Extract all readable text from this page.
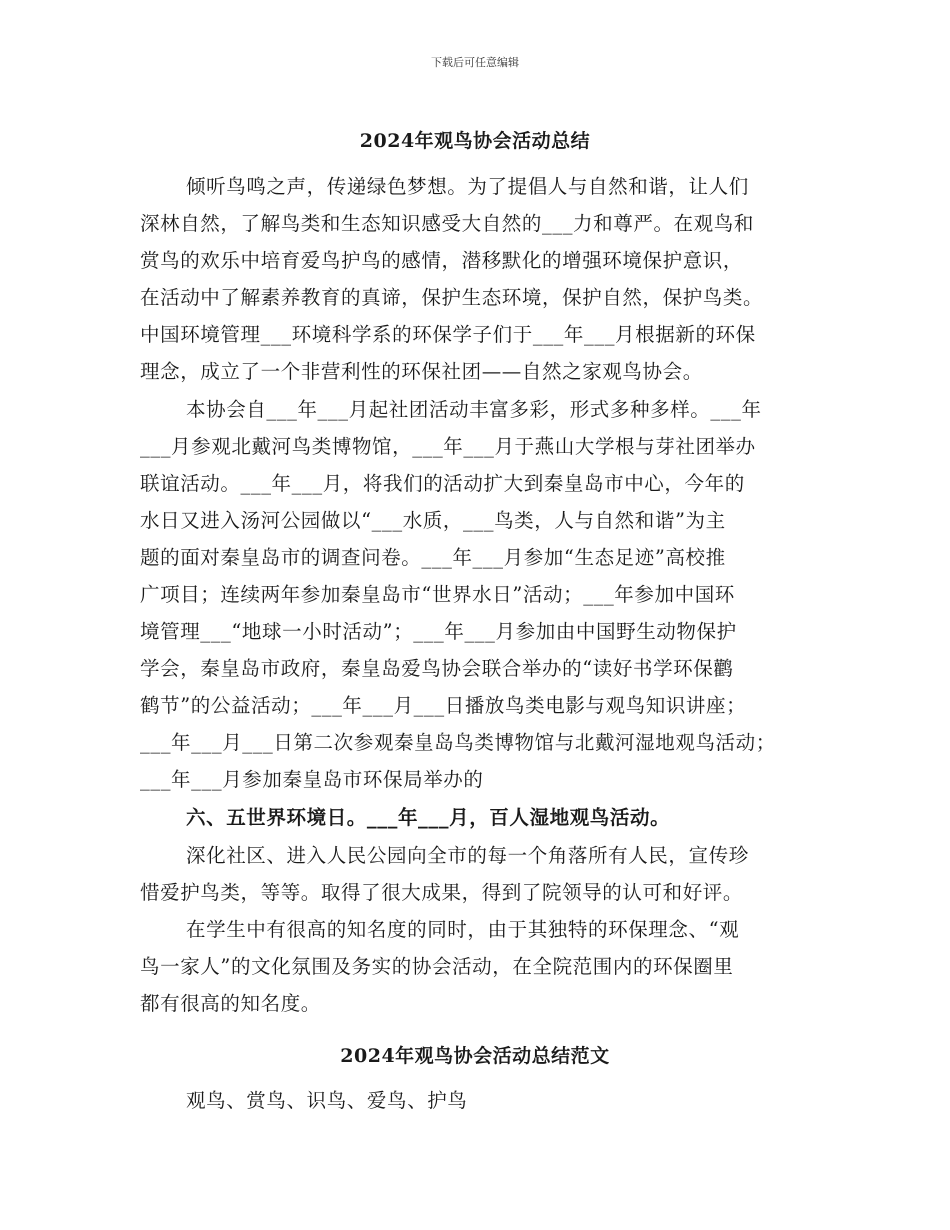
下载后可任意编辑
2024年观鸟协会活动总结
倾听鸟鸣之声，传递绿色梦想。为了提倡人与自然和谐，让人们
深林自然，了解鸟类和生态知识感受大自然的___力和尊严。在观鸟和
赏鸟的欢乐中培育爱鸟护鸟的感情，潜移默化的增强环境保护意识，
在活动中了解素养教育的真谛，保护生态环境，保护自然，保护鸟类。
中国环境管理___环境科学系的环保学子们于___年___月根据新的环保
理念，成立了一个非营利性的环保社团——自然之家观鸟协会。
本协会自___年___月起社团活动丰富多彩，形式多种多样。___年
___月参观北戴河鸟类博物馆，___年___月于燕山大学根与芽社团举办
联谊活动。___年___月，将我们的活动扩大到秦皇岛市中心，今年的
水日又进入汤河公园做以“___水质，___鸟类，人与自然和谐”为主
题的面对秦皇岛市的调查问卷。___年___月参加“生态足迹”高校推
广项目；连续两年参加秦皇岛市“世界水日”活动；___年参加中国环
境管理___“地球一小时活动”；___年___月参加由中国野生动物保护
学会，秦皇岛市政府，秦皇岛爱鸟协会联合举办的“读好书学环保鹳
鹤节”的公益活动；___年___月___日播放鸟类电影与观鸟知识讲座；
___年___月___日第二次参观秦皇岛鸟类博物馆与北戴河湿地观鸟活动；
___年___月参加秦皇岛市环保局举办的
六、五世界环境日。___年___月，百人湿地观鸟活动。
深化社区、进入人民公园向全市的每一个角落所有人民，宣传珍
惜爱护鸟类，等等。取得了很大成果，得到了院领导的认可和好评。
在学生中有很高的知名度的同时，由于其独特的环保理念、“观
鸟一家人”的文化氛围及务实的协会活动，在全院范围内的环保圈里
都有很高的知名度。
2024年观鸟协会活动总结范文
观鸟、赏鸟、识鸟、爱鸟、护鸟
